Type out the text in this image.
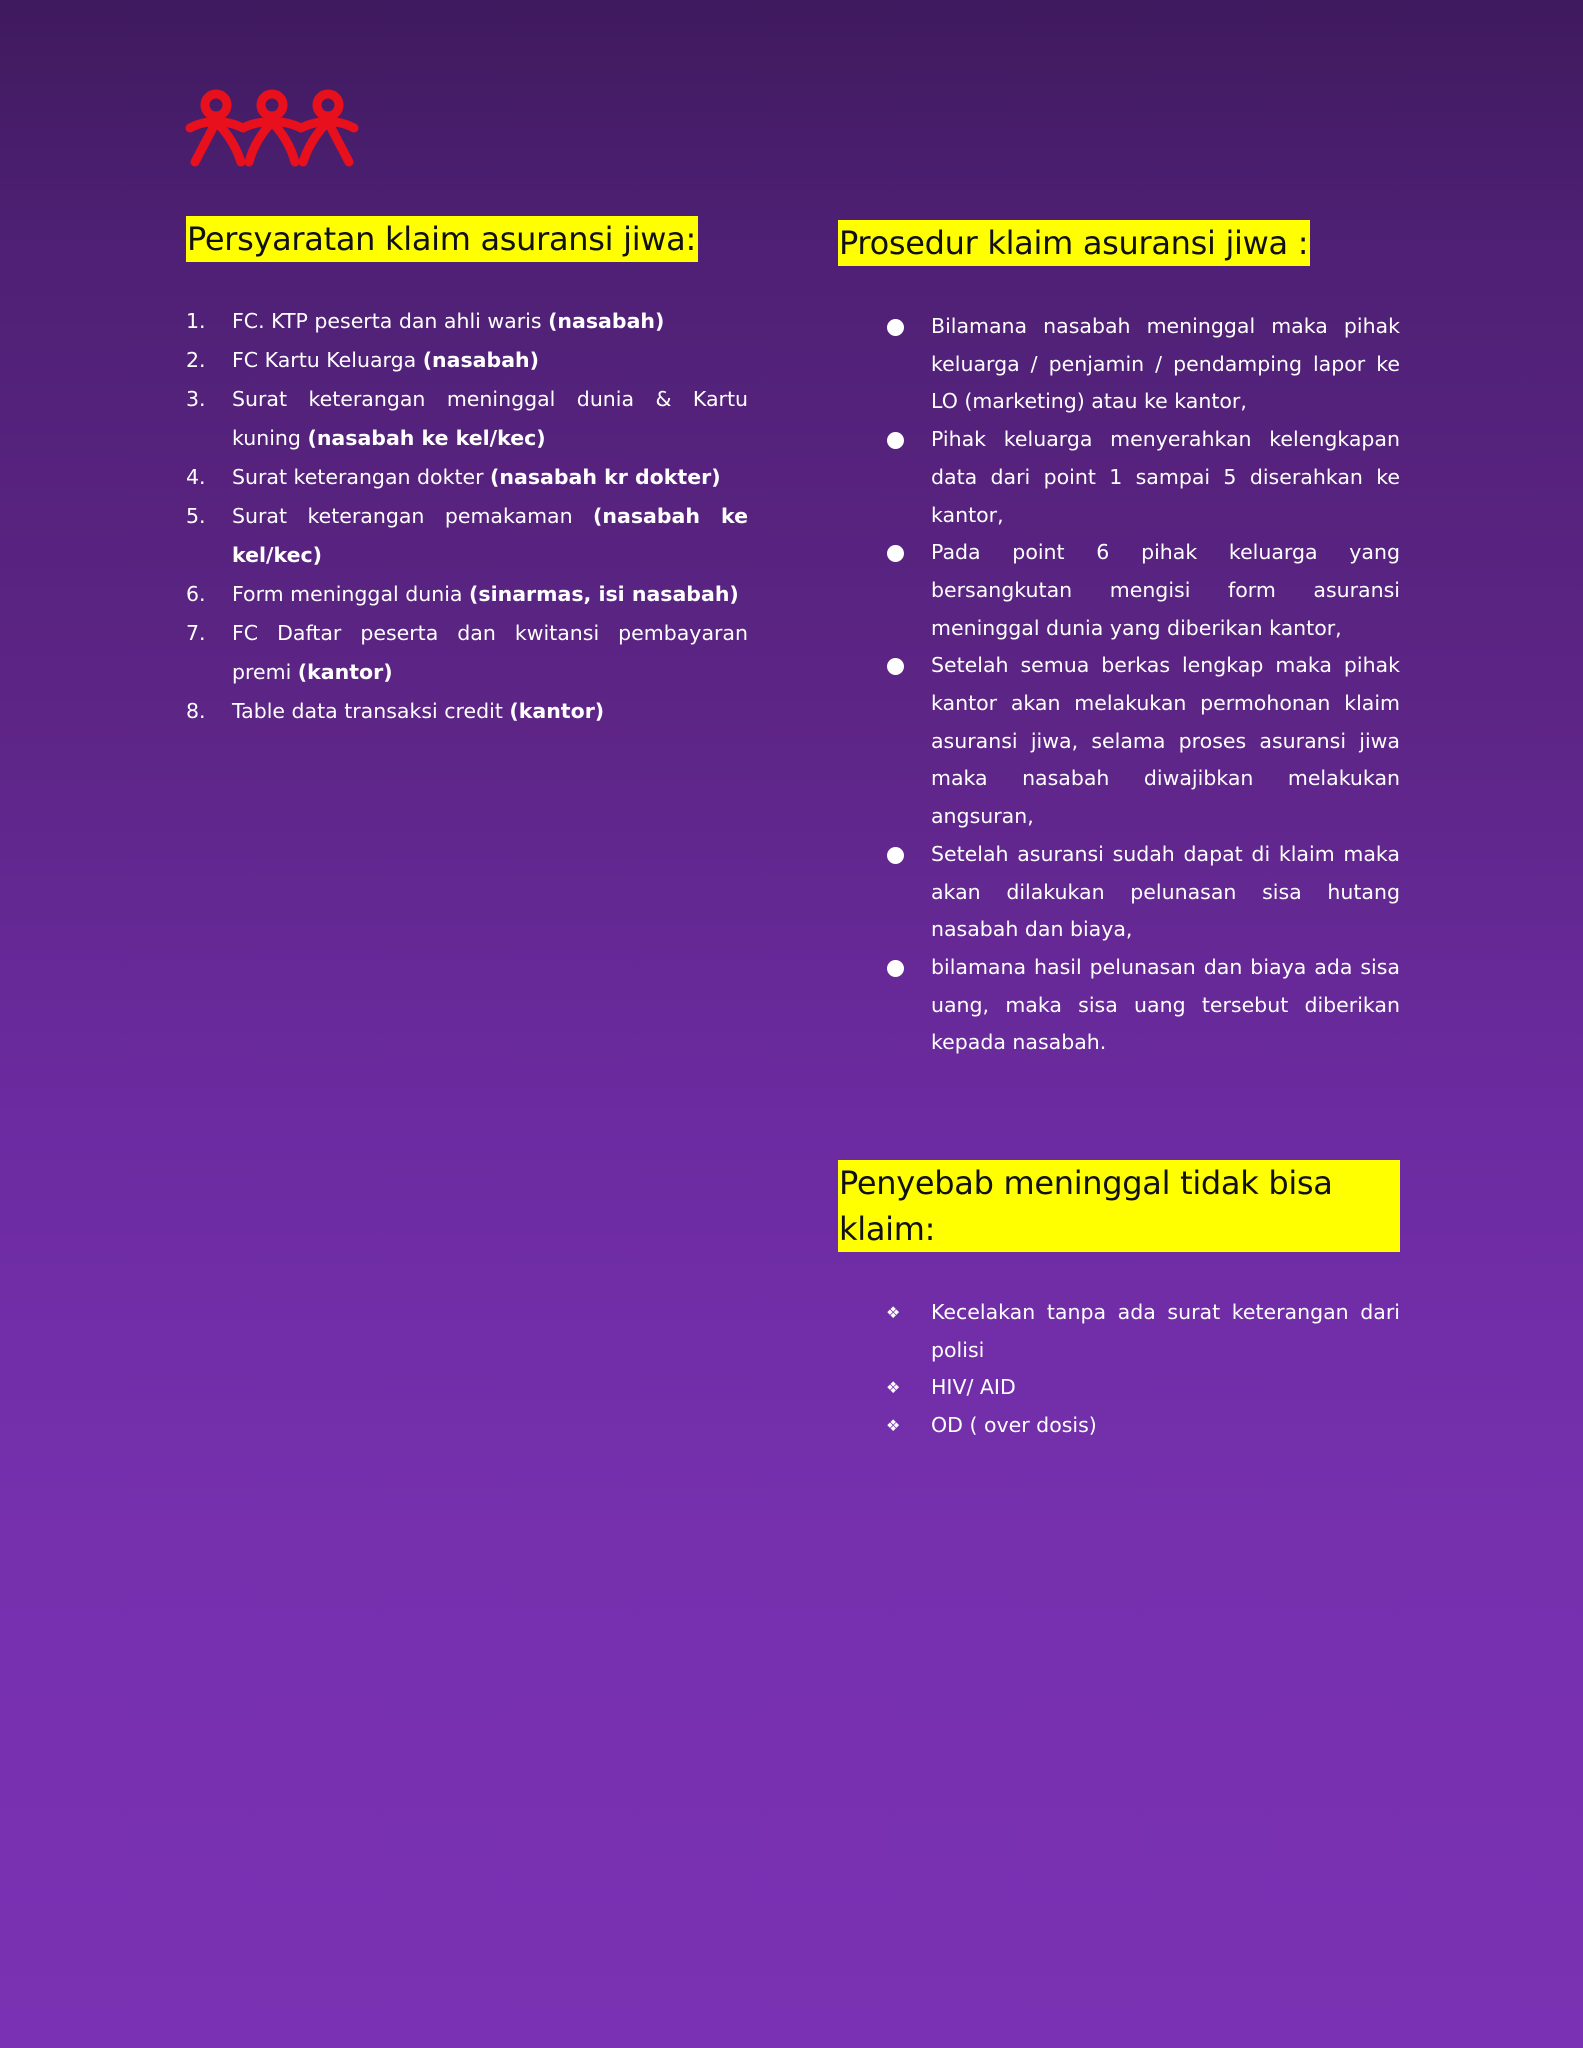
Persyaratan klaim asuransi jiwa:
1.	FC. KTP peserta dan ahli waris (nasabah)
2.	FC Kartu Keluarga (nasabah)
3.	Surat keterangan meninggal dunia & Kartu kuning (nasabah ke kel/kec)
4.	Surat keterangan dokter (nasabah kr dokter)
5.	Surat keterangan pemakaman (nasabah ke kel/kec)
6.	Form meninggal dunia (sinarmas, isi nasabah)
7.	FC Daftar peserta dan kwitansi pembayaran premi (kantor)
8.	Table data transaksi credit (kantor)
Prosedur klaim asuransi jiwa :
Bilamana nasabah meninggal maka pihak keluarga / penjamin / pendamping lapor ke LO (marketing) atau ke kantor,
Pihak keluarga menyerahkan kelengkapan data dari point 1 sampai 5 diserahkan ke kantor,
Pada point 6 pihak keluarga yang bersangkutan mengisi form asuransi meninggal dunia yang diberikan kantor,
Setelah semua berkas lengkap maka pihak kantor akan melakukan permohonan klaim asuransi jiwa, selama proses asuransi jiwa maka nasabah diwajibkan melakukan angsuran,
Setelah asuransi sudah dapat di klaim maka akan dilakukan pelunasan sisa hutang nasabah dan biaya,
bilamana hasil pelunasan dan biaya ada sisa uang, maka sisa uang tersebut diberikan kepada nasabah.
Penyebab meninggal tidak bisa klaim:
❖ Kecelakan tanpa ada surat keterangan dari polisi
❖ HIV/ AID
❖ OD ( over dosis)
